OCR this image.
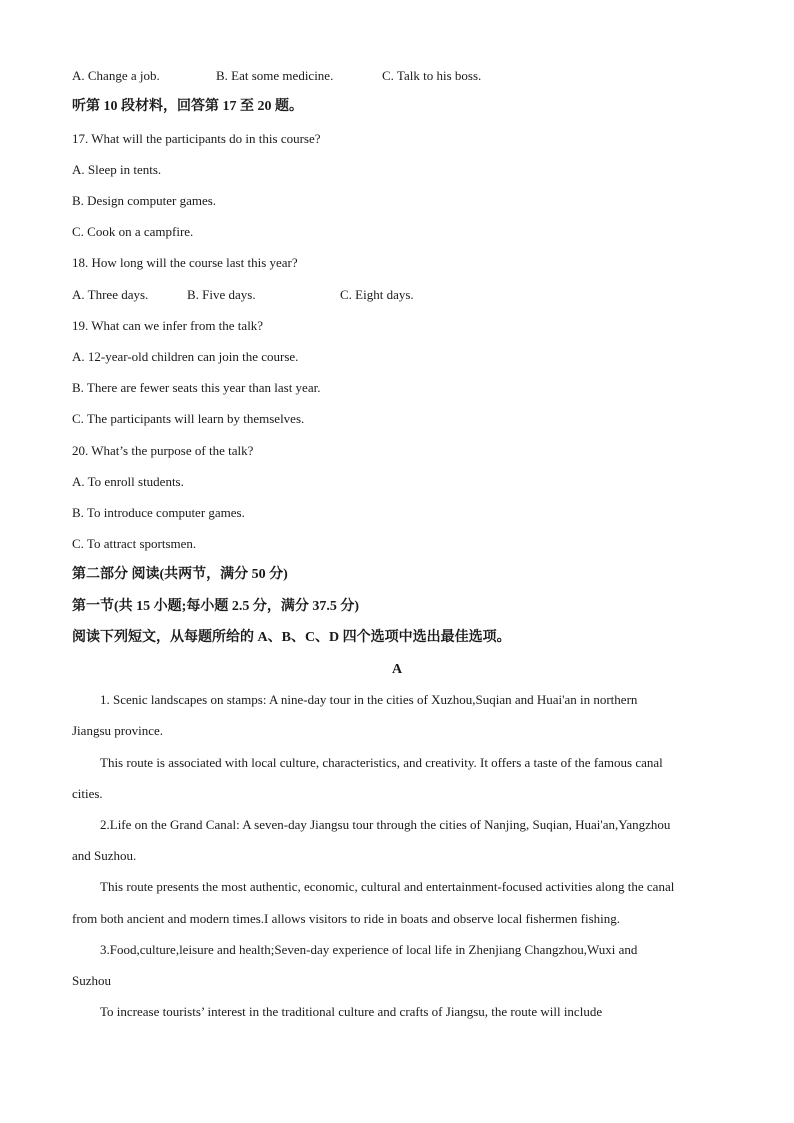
A. Change a job.	B. Eat some medicine.	C. Talk to his boss.
听第 10 段材料，回答第 17 至 20 题。
17. What will the participants do in this course?
A. Sleep in tents.
B. Design computer games.
C. Cook on a campfire.
18. How long will the course last this year?
A. Three days.	B. Five days.	C. Eight days.
19. What can we infer from the talk?
A. 12-year-old children can join the course.
B. There are fewer seats this year than last year.
C. The participants will learn by themselves.
20. What’s the purpose of the talk?
A. To enroll students.
B. To introduce computer games.
C. To attract sportsmen.
第二部分 阅读(共两节，满分 50 分)
第一节(共 15 小题;每小题 2.5 分，满分 37.5 分)
阅读下列短文，从每题所给的 A、B、C、D 四个选项中选出最佳选项。
A
1. Scenic landscapes on stamps: A nine-day tour in the cities of Xuzhou,Suqian and Huai'an in northern
Jiangsu province.
This route is associated with local culture, characteristics, and creativity. It offers a taste of the famous canal
cities.
2.Life on the Grand Canal: A seven-day Jiangsu tour through the cities of Nanjing, Suqian, Huai'an,Yangzhou
and Suzhou.
This route presents the most authentic, economic, cultural and entertainment-focused activities along the canal
from both ancient and modern times.I allows visitors to ride in boats and observe local fishermen fishing.
3.Food,culture,leisure and health;Seven-day experience of local life in Zhenjiang Changzhou,Wuxi and
Suzhou
To increase tourists’ interest in the traditional culture and crafts of Jiangsu, the route will include
